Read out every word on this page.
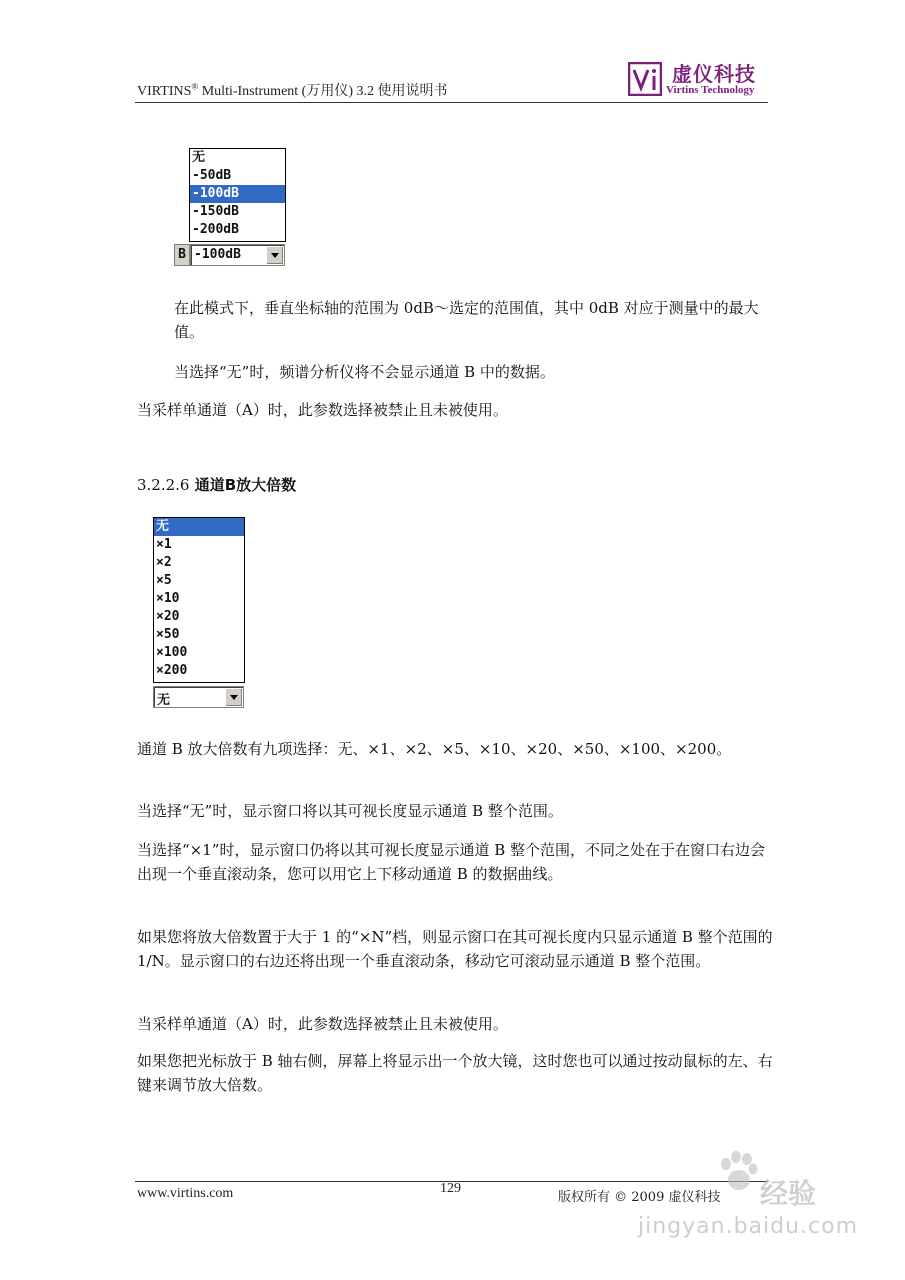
VIRTINS® Multi-Instrument (万用仪) 3.2 使用说明书
虚仪科技
Virtins Technology
无
-50dB
-100dB
-150dB
-200dB
B -100dB
在此模式下，垂直坐标轴的范围为 0dB～选定的范围值，其中 0dB 对应于测量中的最大值。
当选择“无”时，频谱分析仪将不会显示通道 B 中的数据。
当采样单通道（A）时，此参数选择被禁止且未被使用。
3.2.2.6 通道B放大倍数
无
×1
×2
×5
×10
×20
×50
×100
×200
无
通道 B 放大倍数有九项选择：无、×1、×2、×5、×10、×20、×50、×100、×200。
当选择“无”时，显示窗口将以其可视长度显示通道 B 整个范围。
当选择“×1”时，显示窗口仍将以其可视长度显示通道 B 整个范围，不同之处在于在窗口右边会出现一个垂直滚动条，您可以用它上下移动通道 B 的数据曲线。
如果您将放大倍数置于大于 1 的“×N”档，则显示窗口在其可视长度内只显示通道 B 整个范围的 1/N。显示窗口的右边还将出现一个垂直滚动条，移动它可滚动显示通道 B 整个范围。
当采样单通道（A）时，此参数选择被禁止且未被使用。
如果您把光标放于 B 轴右侧，屏幕上将显示出一个放大镜，这时您也可以通过按动鼠标的左、右键来调节放大倍数。
www.virtins.com	129
版权所有 © 2009 虚仪科技 经验
jingyan.baidu.com
